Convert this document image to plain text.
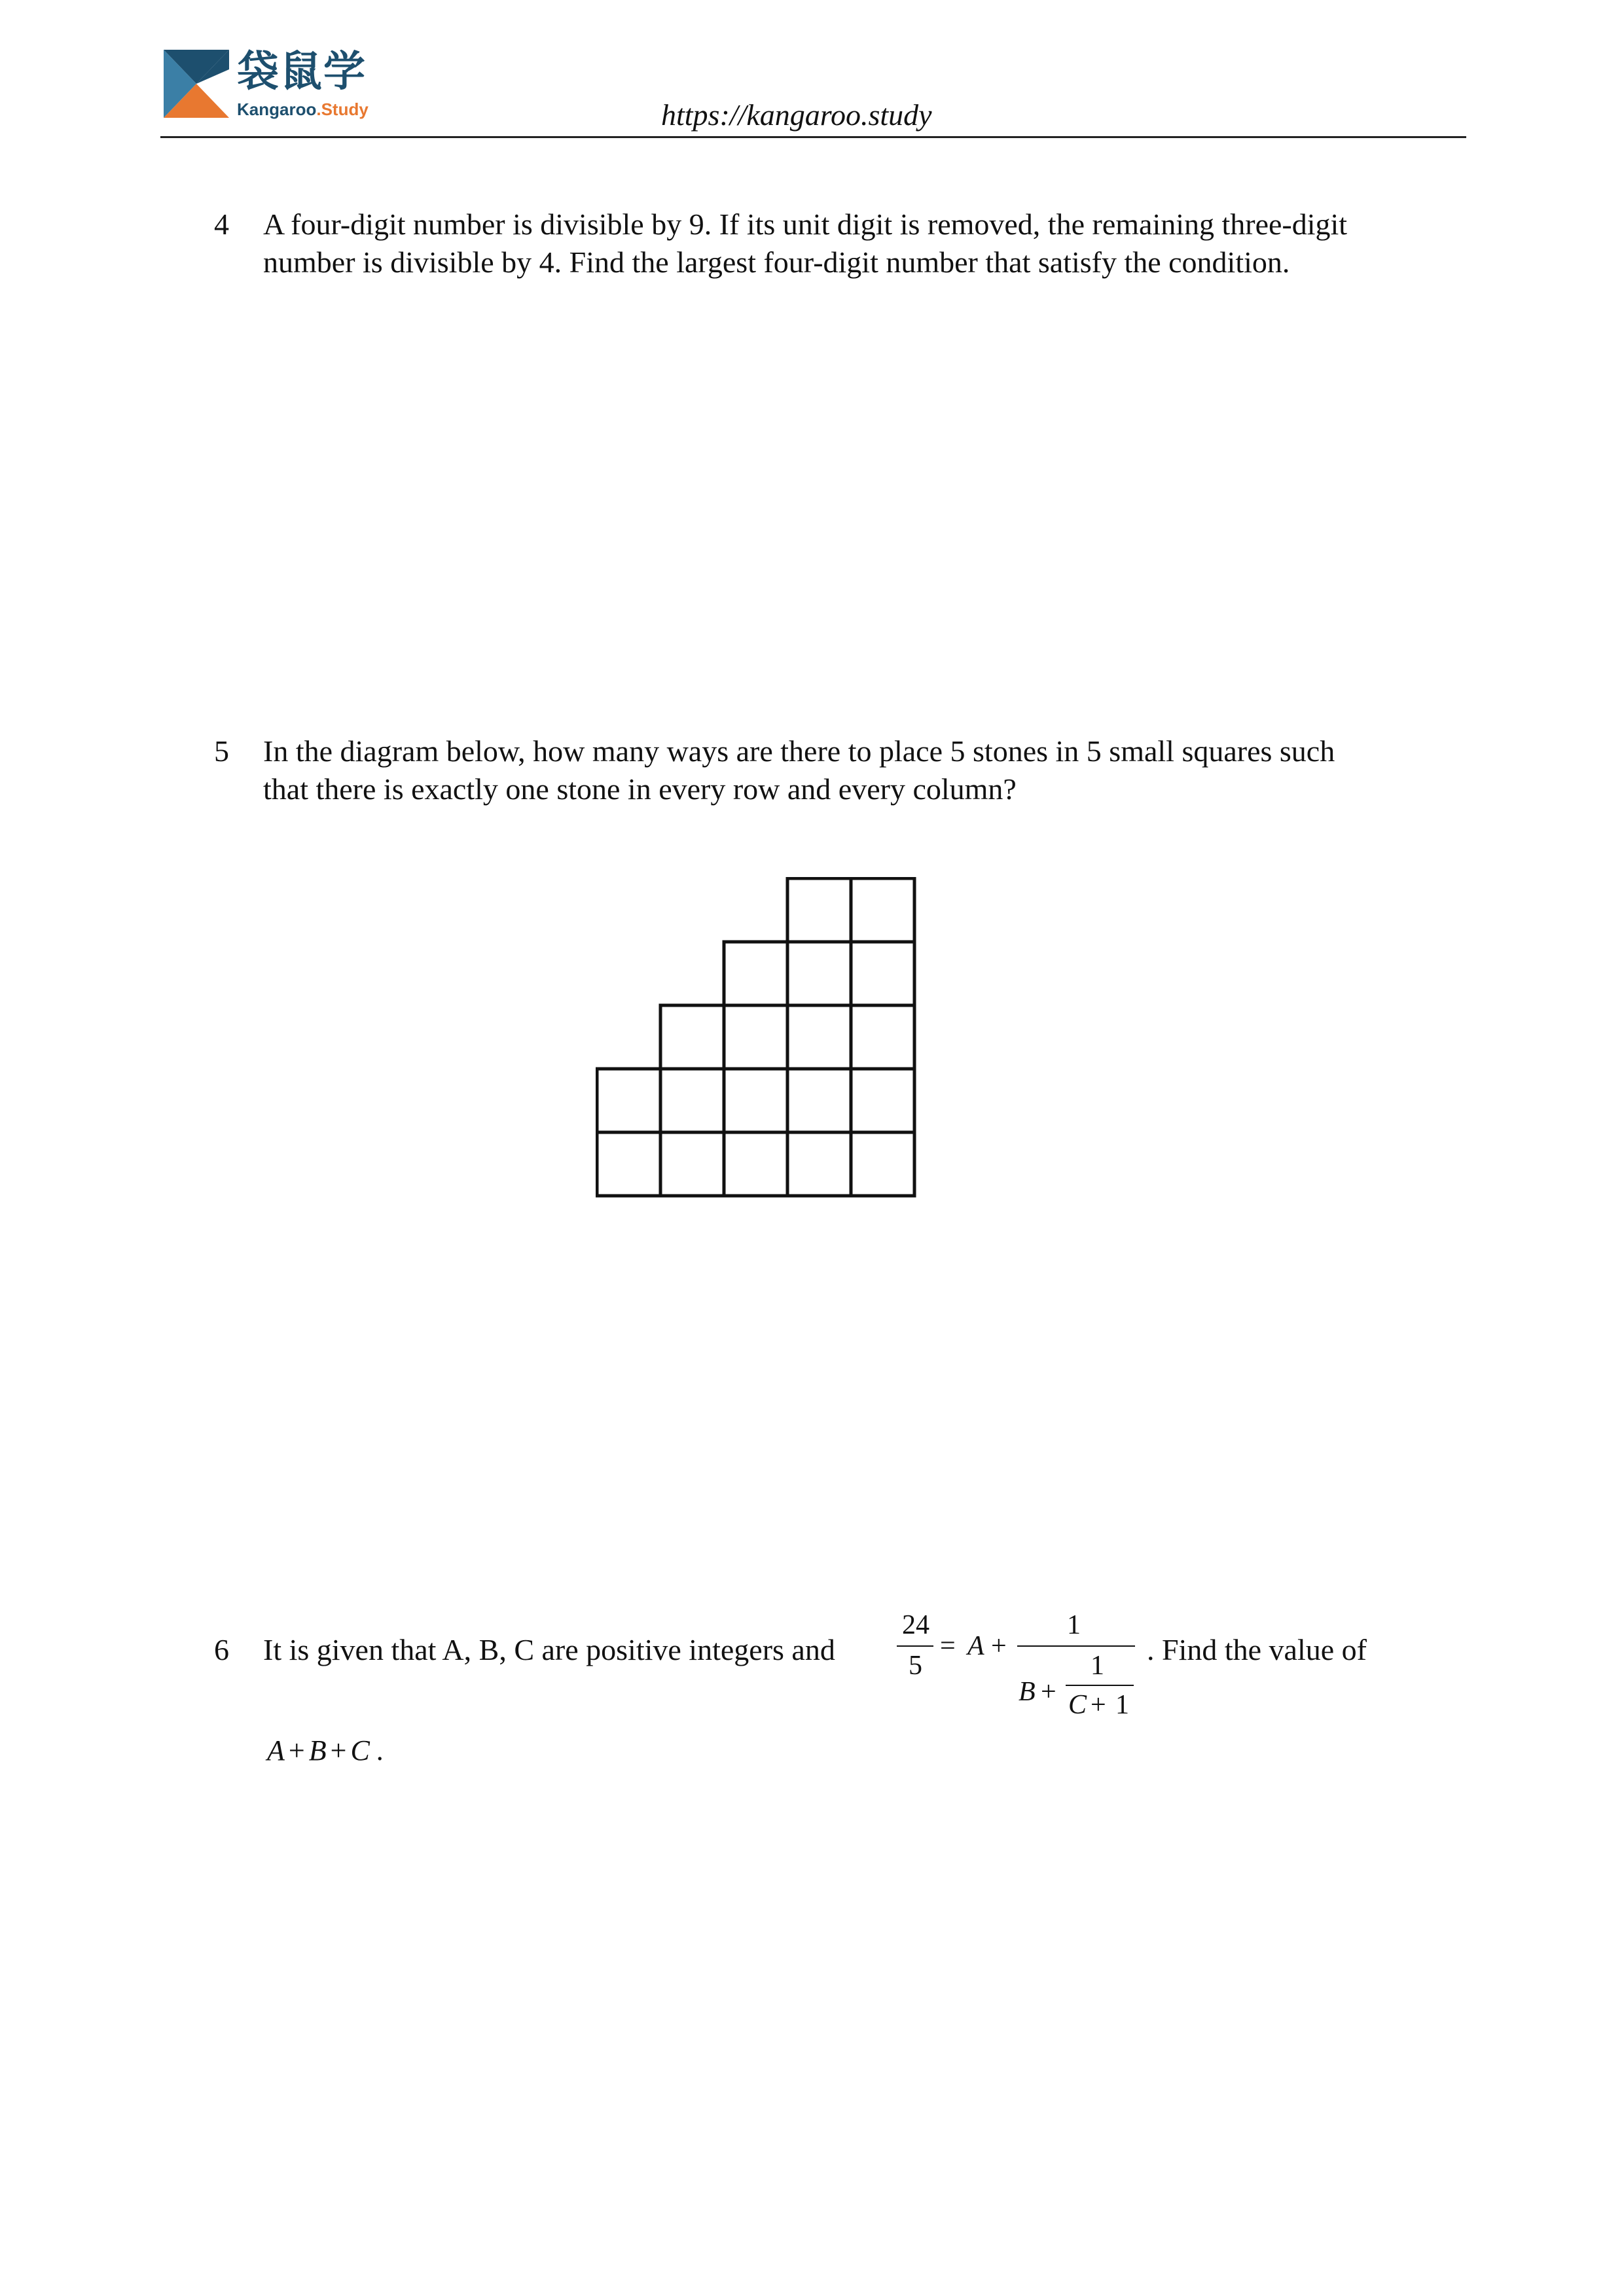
袋鼠学
Kangaroo.Study	https://kangaroo.study
4 A four-digit number is divisible by 9. If its unit digit is removed, the remaining three-digit
number is divisible by 4. Find the largest four-digit number that satisfy the condition.
5 In the diagram below, how many ways are there to place 5 stones in 5 small squares such
that there is exactly one stone in every row and every column?
6 It is given that A, B, C are positive integers and
24
5
= A +
1
B +
1
C + 1
. Find the value of
A + B + C .
